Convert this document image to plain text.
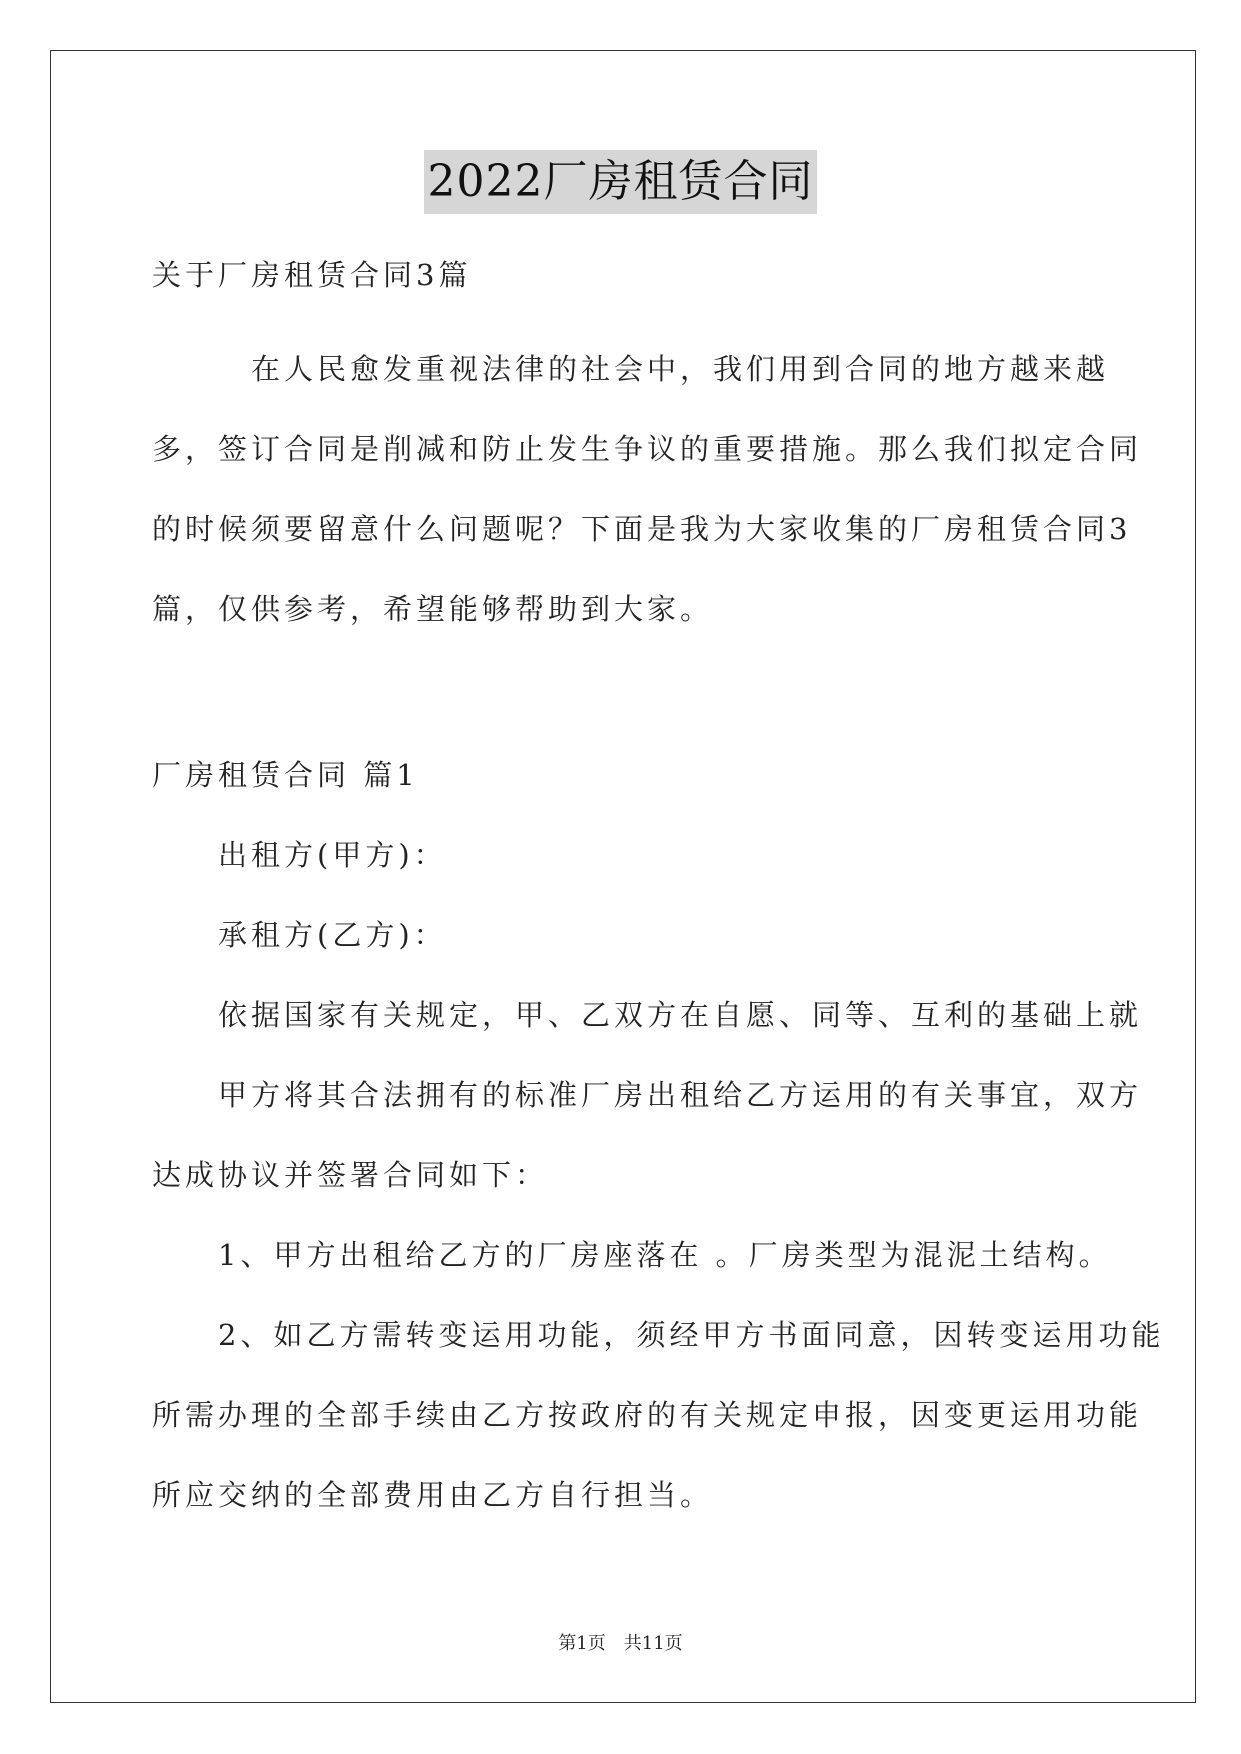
2022厂房租赁合同
关于厂房租赁合同3篇
　　　在人民愈发重视法律的社会中，我们用到合同的地方越来越
多，签订合同是削减和防止发生争议的重要措施。那么我们拟定合同
的时候须要留意什么问题呢？下面是我为大家收集的厂房租赁合同3
篇，仅供参考，希望能够帮助到大家。
厂房租赁合同 篇1
　　出租方(甲方)：
　　承租方(乙方)：
　　依据国家有关规定，甲、乙双方在自愿、同等、互利的基础上就
　　甲方将其合法拥有的标准厂房出租给乙方运用的有关事宜，双方
达成协议并签署合同如下：
　　1、甲方出租给乙方的厂房座落在 。厂房类型为混泥土结构。
　　2、如乙方需转变运用功能，须经甲方书面同意，因转变运用功能
所需办理的全部手续由乙方按政府的有关规定申报，因变更运用功能
所应交纳的全部费用由乙方自行担当。
第1页　共11页
